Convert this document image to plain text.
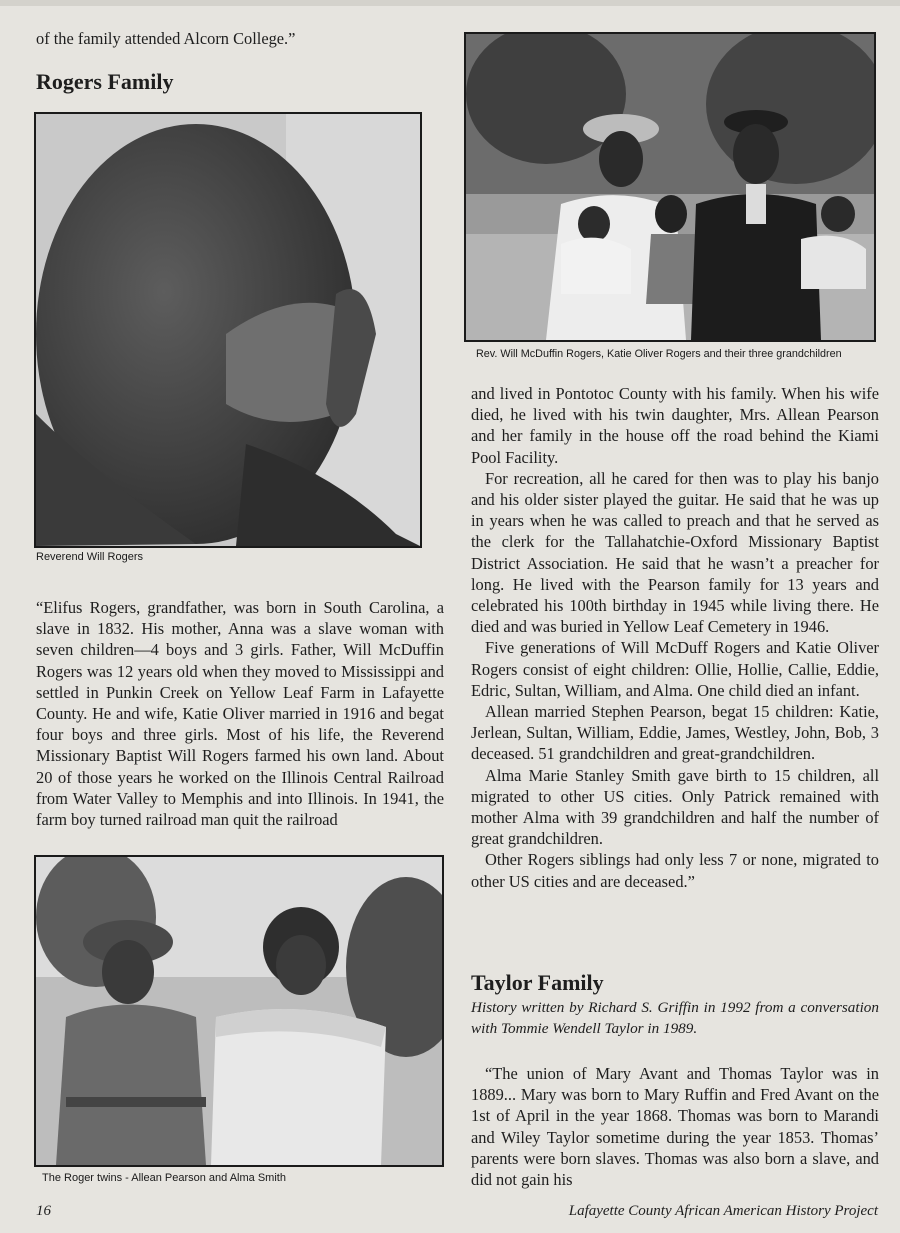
of the family attended Alcorn College.”

Rogers Family
Reverend Will Rogers

“Elifus Rogers, grandfather, was born in South Carolina, a slave in 1832. His mother, Anna was a slave woman with seven children—4 boys and 3 girls. Father, Will McDuffin Rogers was 12 years old when they moved to Mississippi and settled in Punkin Creek on Yellow Leaf Farm in Lafayette County. He and wife, Katie Oliver married in 1916 and begat four boys and three girls. Most of his life, the Reverend Missionary Baptist Will Rogers farmed his own land. About 20 of those years he worked on the Illinois Central Railroad from Water Valley to Memphis and into Illinois. In 1941, the farm boy turned railroad man quit the railroad

The Roger twins - Allean Pearson and Alma Smith
Rev. Will McDuffin Rogers, Katie Oliver Rogers and their three grandchildren

and lived in Pontotoc County with his family. When his wife died, he lived with his twin daughter, Mrs. Allean Pearson and her family in the house off the road behind the Kiami Pool Facility.

For recreation, all he cared for then was to play his banjo and his older sister played the guitar. He said that he was up in years when he was called to preach and that he served as the clerk for the Tallahatchie-Oxford Missionary Baptist District Association. He said that he wasn’t a preacher for long. He lived with the Pearson family for 13 years and celebrated his 100th birthday in 1945 while living there. He died and was buried in Yellow Leaf Cemetery in 1946.

Five generations of Will McDuff Rogers and Katie Oliver Rogers consist of eight children: Ollie, Hollie, Callie, Eddie, Edric, Sultan, William, and Alma. One child died an infant.

Allean married Stephen Pearson, begat 15 children: Katie, Jerlean, Sultan, William, Eddie, James, Westley, John, Bob, 3 deceased. 51 grandchildren and great-grandchildren.

Alma Marie Stanley Smith gave birth to 15 children, all migrated to other US cities. Only Patrick remained with mother Alma with 39 grandchildren and half the number of great grandchildren.

Other Rogers siblings had only less 7 or none, migrated to other US cities and are deceased.”

Taylor Family

History written by Richard S. Griffin in 1992 from a conversation with Tommie Wendell Taylor in 1989.

“The union of Mary Avant and Thomas Taylor was in 1889... Mary was born to Mary Ruffin and Fred Avant on the 1st of April in the year 1868. Thomas was born to Marandi and Wiley Taylor sometime during the year 1853. Thomas’ parents were born slaves. Thomas was also born a slave, and did not gain his

16	Lafayette County African American History Project
